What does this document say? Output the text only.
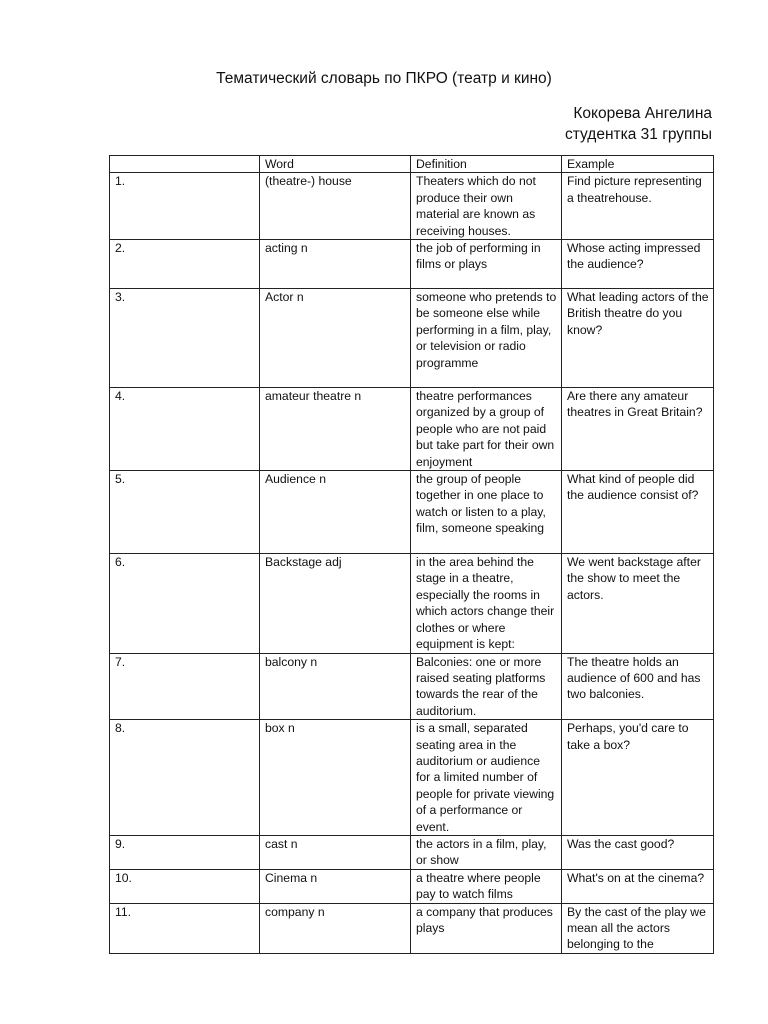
Тематический словарь по ПКРО (театр и кино)
Кокорева Ангелина
студентка 31 группы
	Word	Definition	Example
1.	(theatre-) house	Theaters which do not produce their own material are known as receiving houses.	Find picture representing a theatrehouse.
2.	acting n	the job of performing in films or plays	Whose acting impressed the audience?
3.	Actor n	someone who pretends to be someone else while performing in a film, play, or television or radio programme	What leading actors of the British theatre do you know?
4.	amateur theatre n	theatre performances organized by a group of people who are not paid but take part for their own enjoyment	Are there any amateur theatres in Great Britain?
5.	Audience n	the group of people together in one place to watch or listen to a play, film, someone speaking	What kind of people did the audience consist of?
6.	Backstage adj	in the area behind the stage in a theatre, especially the rooms in which actors change their clothes or where equipment is kept:	We went backstage after the show to meet the actors.
7.	balcony n	Balconies: one or more raised seating platforms towards the rear of the auditorium.	The theatre holds an audience of 600 and has two balconies.
8.	box n	is a small, separated seating area in the auditorium or audience for a limited number of people for private viewing of a performance or event.	Perhaps, you'd care to take a box?
9.	cast n	the actors in a film, play, or show	Was the cast good?
10.	Cinema n	a theatre where people pay to watch films	What's on at the cinema?
11.	company n	a company that produces plays	By the cast of the play we mean all the actors belonging to the
